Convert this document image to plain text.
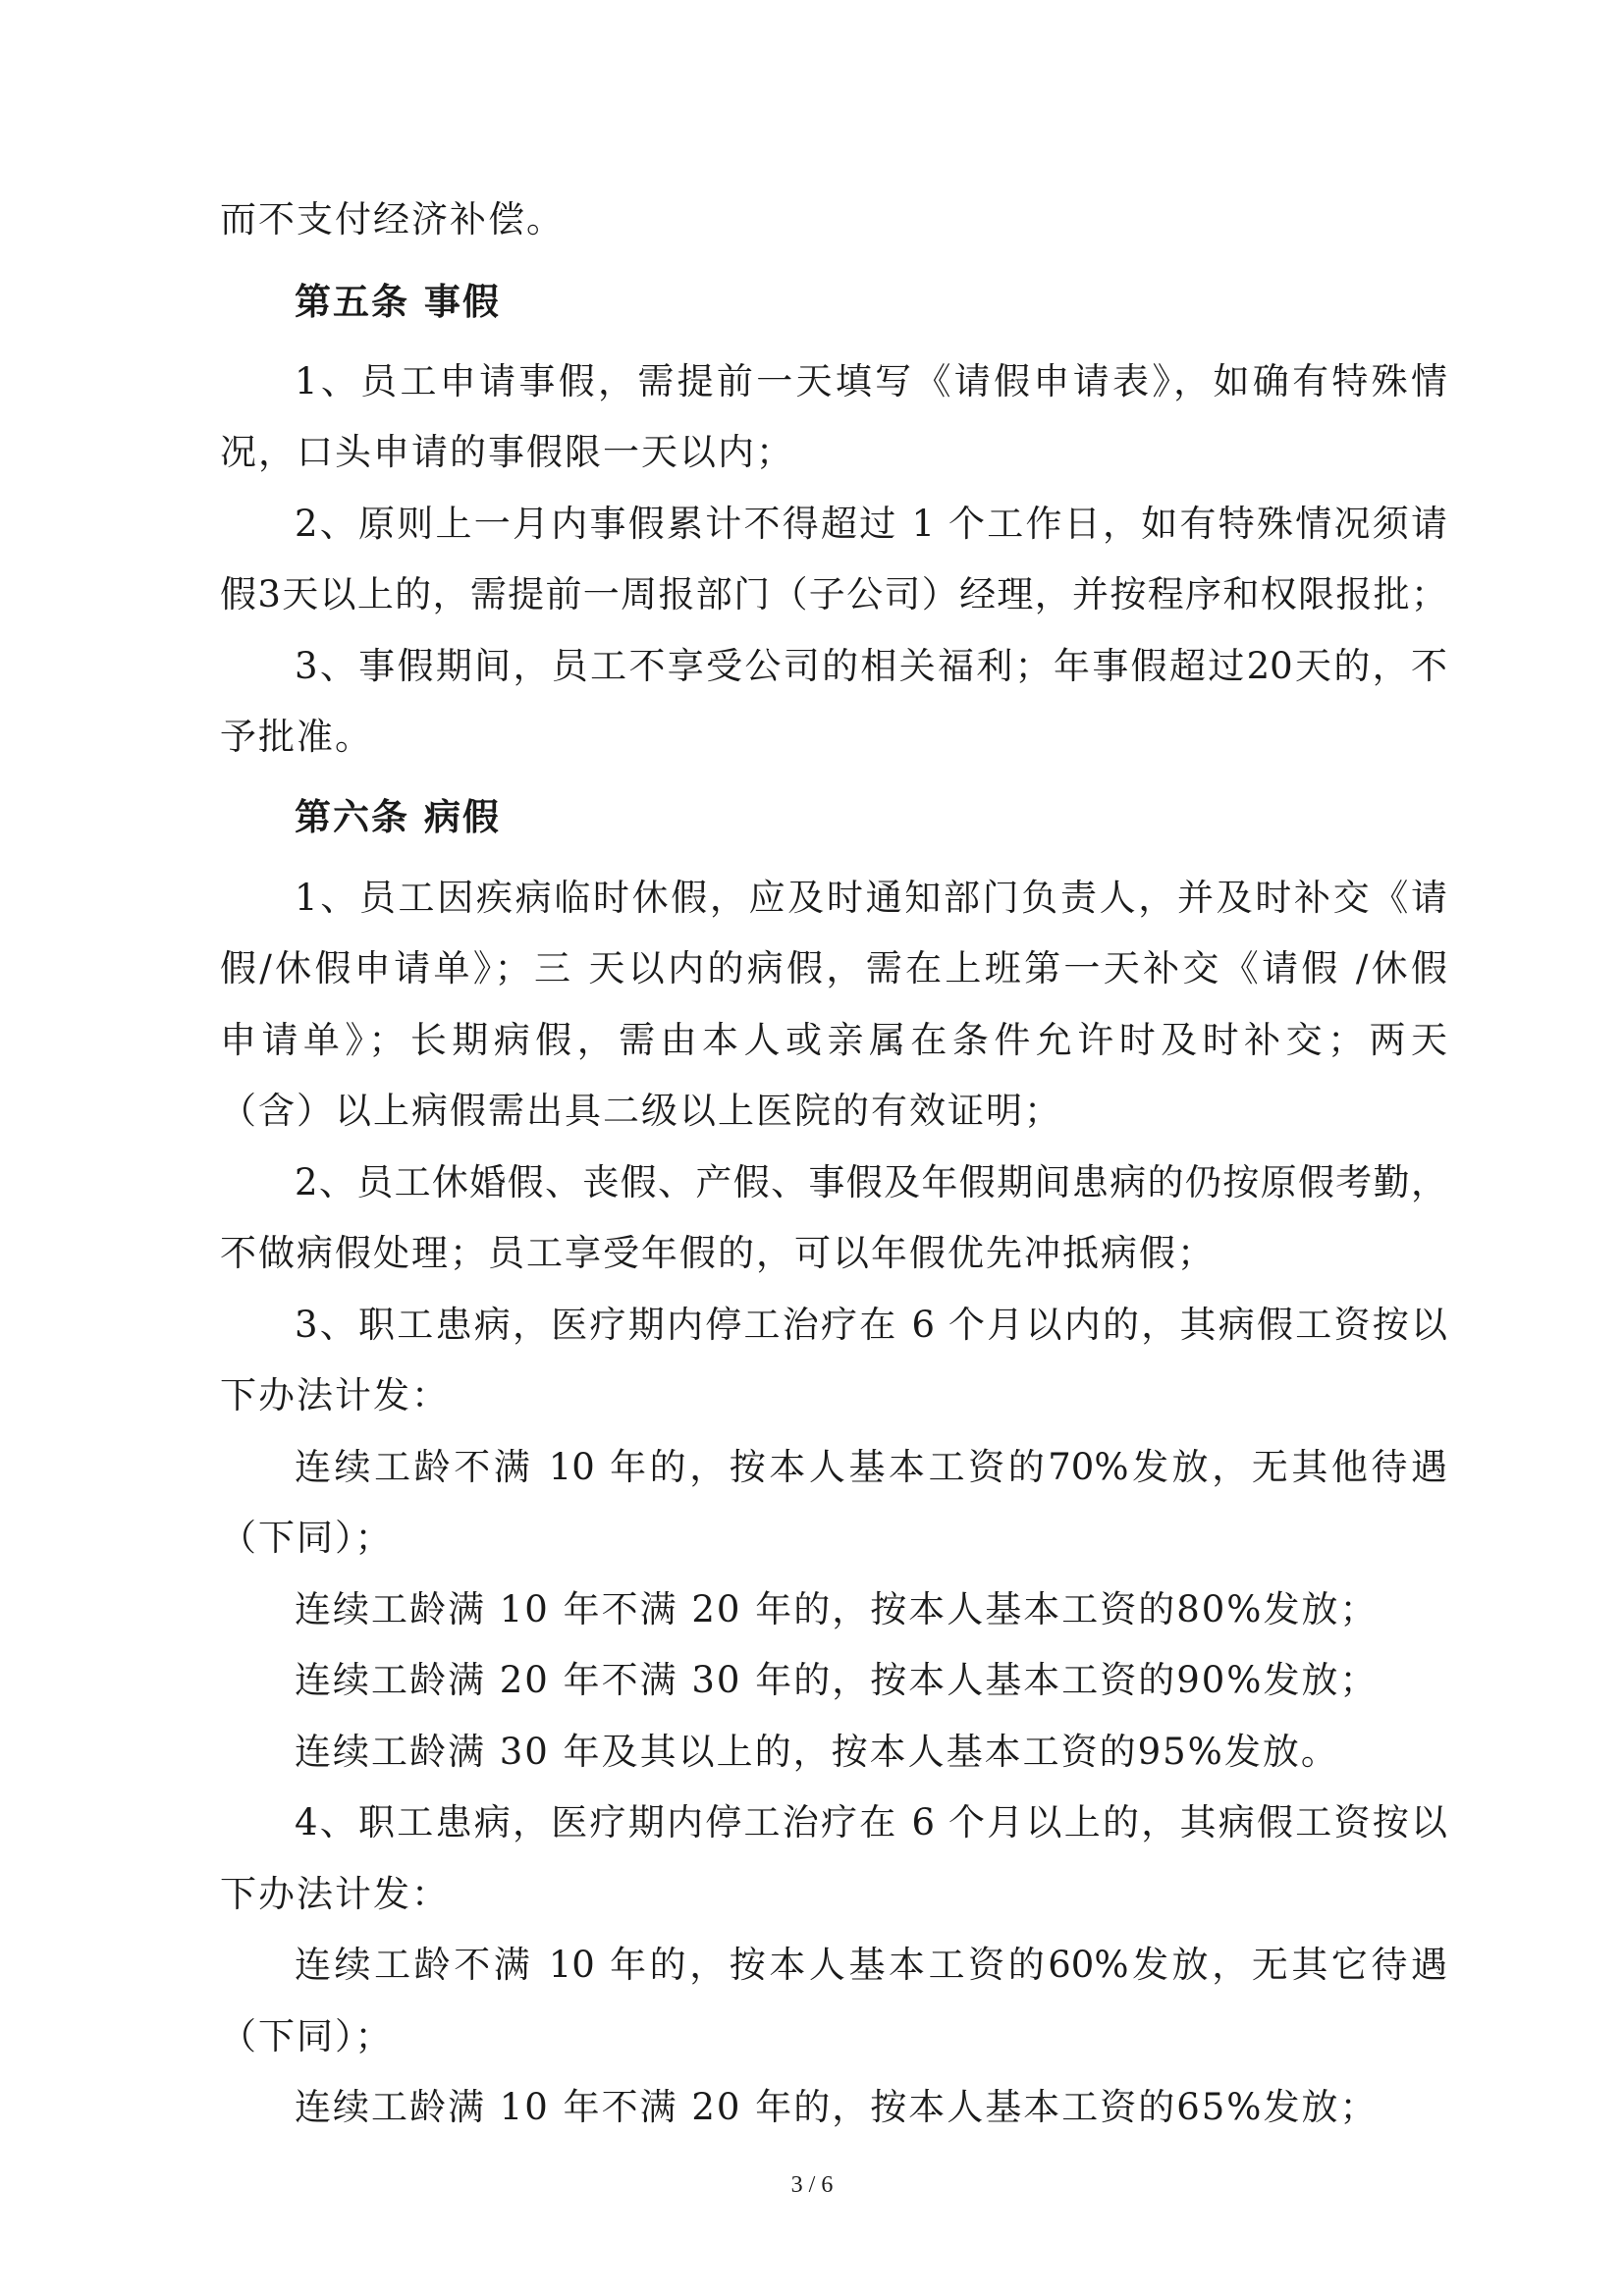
而不支付经济补偿。
第五条 事假
1、员工申请事假，需提前一天填写《请假申请表》，如确有特殊情
况，口头申请的事假限一天以内；
2、原则上一月内事假累计不得超过 1 个工作日，如有特殊情况须请
假3天以上的，需提前一周报部门（子公司）经理，并按程序和权限报批；
3、事假期间，员工不享受公司的相关福利；年事假超过20天的，不
予批准。
第六条 病假
1、员工因疾病临时休假，应及时通知部门负责人，并及时补交《请
假/休假申请单》；三 天以内的病假，需在上班第一天补交《请假 /休假
申请单》；长期病假，需由本人或亲属在条件允许时及时补交；两天
（含）以上病假需出具二级以上医院的有效证明；
2、员工休婚假、丧假、产假、事假及年假期间患病的仍按原假考勤，
不做病假处理；员工享受年假的，可以年假优先冲抵病假；
3、职工患病，医疗期内停工治疗在 6 个月以内的，其病假工资按以
下办法计发：
连续工龄不满 10 年的，按本人基本工资的70%发放，无其他待遇
（下同）；
连续工龄满 10 年不满 20 年的，按本人基本工资的80%发放；
连续工龄满 20 年不满 30 年的，按本人基本工资的90%发放；
连续工龄满 30 年及其以上的，按本人基本工资的95%发放。
4、职工患病，医疗期内停工治疗在 6 个月以上的，其病假工资按以
下办法计发：
连续工龄不满 10 年的，按本人基本工资的60%发放，无其它待遇
（下同）；
连续工龄满 10 年不满 20 年的，按本人基本工资的65%发放；
3 / 6
